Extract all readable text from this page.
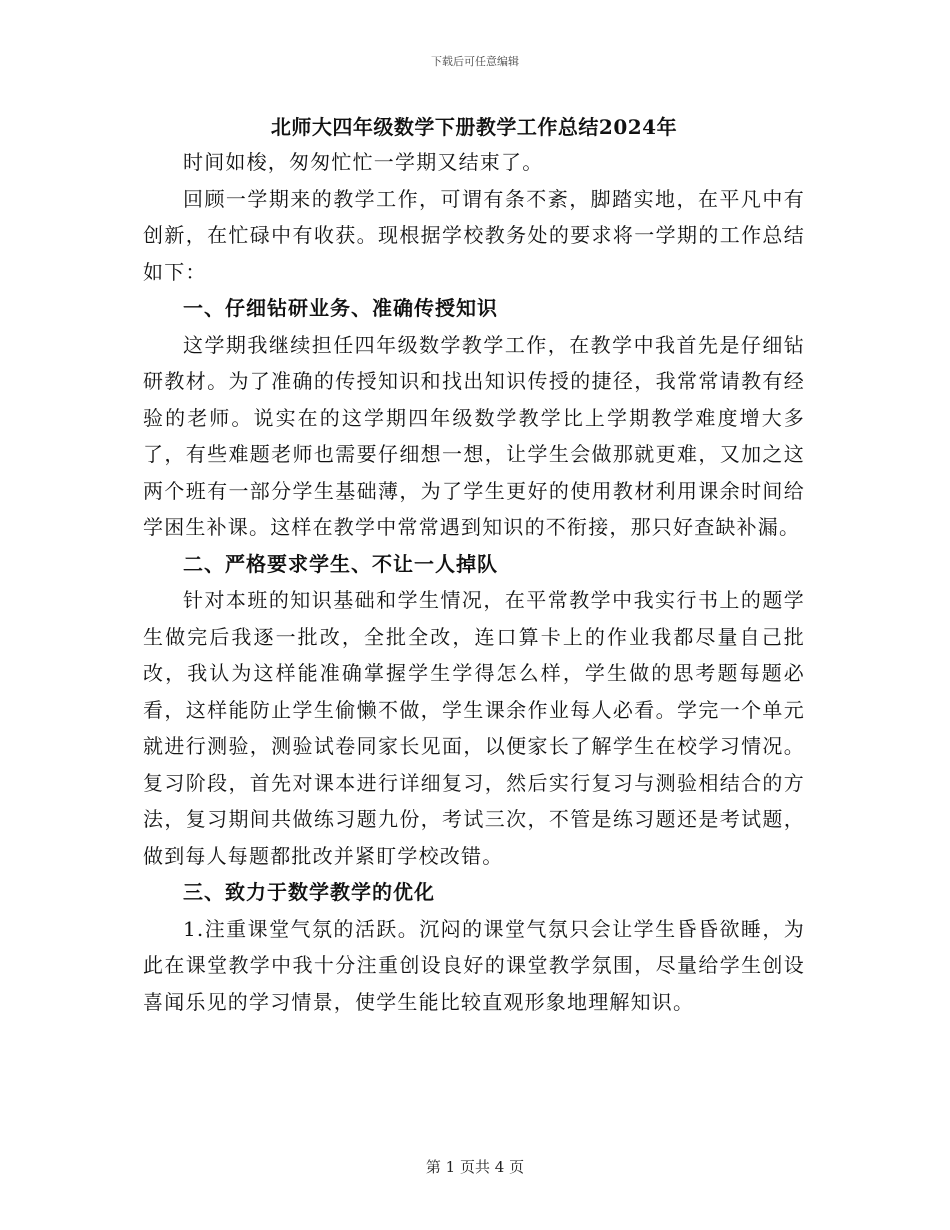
下载后可任意编辑
北师大四年级数学下册教学工作总结2024年

时间如梭，匆匆忙忙一学期又结束了。

回顾一学期来的教学工作，可谓有条不紊，脚踏实地，在平凡中有创新，在忙碌中有收获。现根据学校教务处的要求将一学期的工作总结如下：

一、仔细钻研业务、准确传授知识

这学期我继续担任四年级数学教学工作，在教学中我首先是仔细钻研教材。为了准确的传授知识和找出知识传授的捷径，我常常请教有经验的老师。说实在的这学期四年级数学教学比上学期教学难度增大多了，有些难题老师也需要仔细想一想，让学生会做那就更难，又加之这两个班有一部分学生基础薄，为了学生更好的使用教材利用课余时间给学困生补课。这样在教学中常常遇到知识的不衔接，那只好查缺补漏。

二、严格要求学生、不让一人掉队

针对本班的知识基础和学生情况，在平常教学中我实行书上的题学生做完后我逐一批改，全批全改，连口算卡上的作业我都尽量自己批改，我认为这样能准确掌握学生学得怎么样，学生做的思考题每题必看，这样能防止学生偷懒不做，学生课余作业每人必看。学完一个单元就进行测验，测验试卷同家长见面，以便家长了解学生在校学习情况。复习阶段，首先对课本进行详细复习，然后实行复习与测验相结合的方法，复习期间共做练习题九份，考试三次，不管是练习题还是考试题，做到每人每题都批改并紧盯学校改错。

三、致力于数学教学的优化

1.注重课堂气氛的活跃。沉闷的课堂气氛只会让学生昏昏欲睡，为此在课堂教学中我十分注重创设良好的课堂教学氛围，尽量给学生创设喜闻乐见的学习情景，使学生能比较直观形象地理解知识。

第 1 页共 4 页
